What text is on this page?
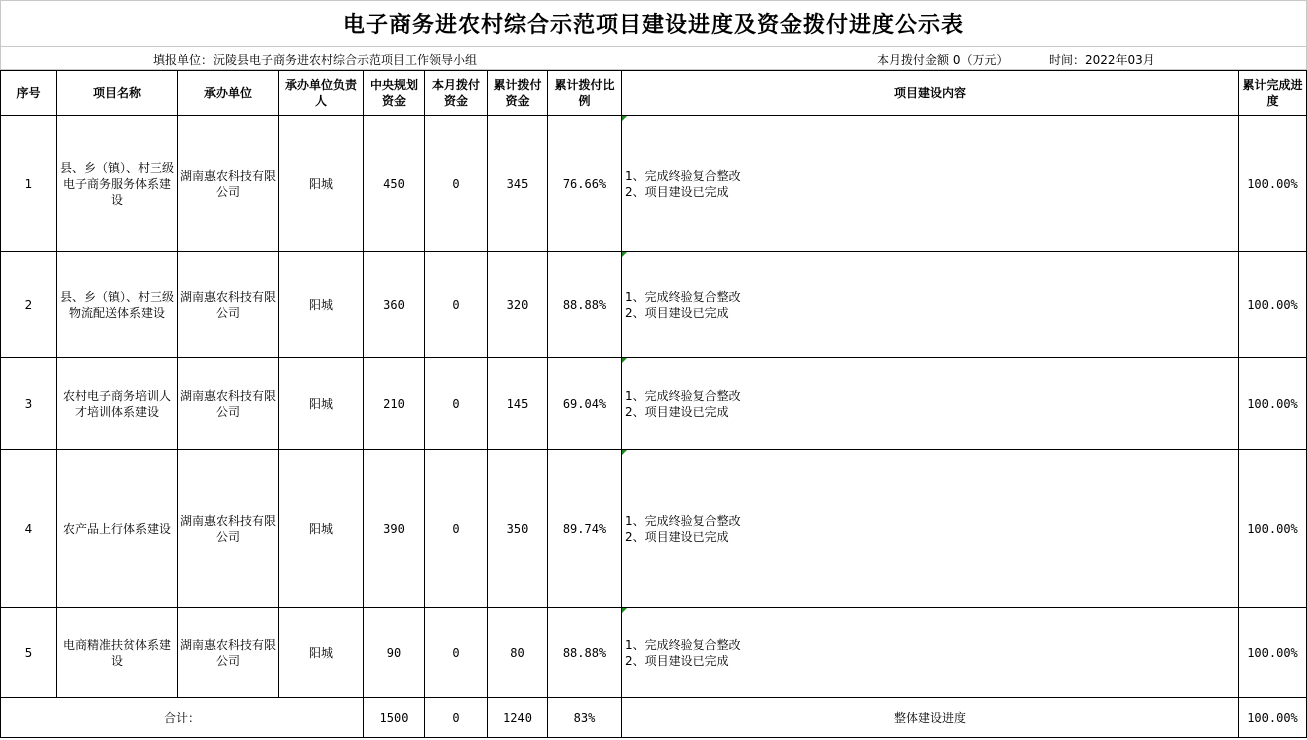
电子商务进农村综合示范项目建设进度及资金拨付进度公示表
填报单位：沅陵县电子商务进农村综合示范项目工作领导小组	本月拨付金额 0（万元）	时间：2022年03月
序号	项目名称	承办单位	承办单位负责人	中央规划资金	本月拨付资金	累计拨付资金	累计拨付比例	项目建设内容	累计完成进度
1	县、乡（镇）、村三级电子商务服务体系建设	湖南惠农科技有限公司	阳城	450	0	345	76.66%	1、完成终验复合整改
2、项目建设已完成	100.00%
2	县、乡（镇）、村三级物流配送体系建设	湖南惠农科技有限公司	阳城	360	0	320	88.88%	1、完成终验复合整改
2、项目建设已完成	100.00%
3	农村电子商务培训人才培训体系建设	湖南惠农科技有限公司	阳城	210	0	145	69.04%	1、完成终验复合整改
2、项目建设已完成	100.00%
4	农产品上行体系建设	湖南惠农科技有限公司	阳城	390	0	350	89.74%	1、完成终验复合整改
2、项目建设已完成	100.00%
5	电商精准扶贫体系建设	湖南惠农科技有限公司	阳城	90	0	80	88.88%	1、完成终验复合整改
2、项目建设已完成	100.00%
合计：				1500	0	1240	83%	整体建设进度	100.00%
